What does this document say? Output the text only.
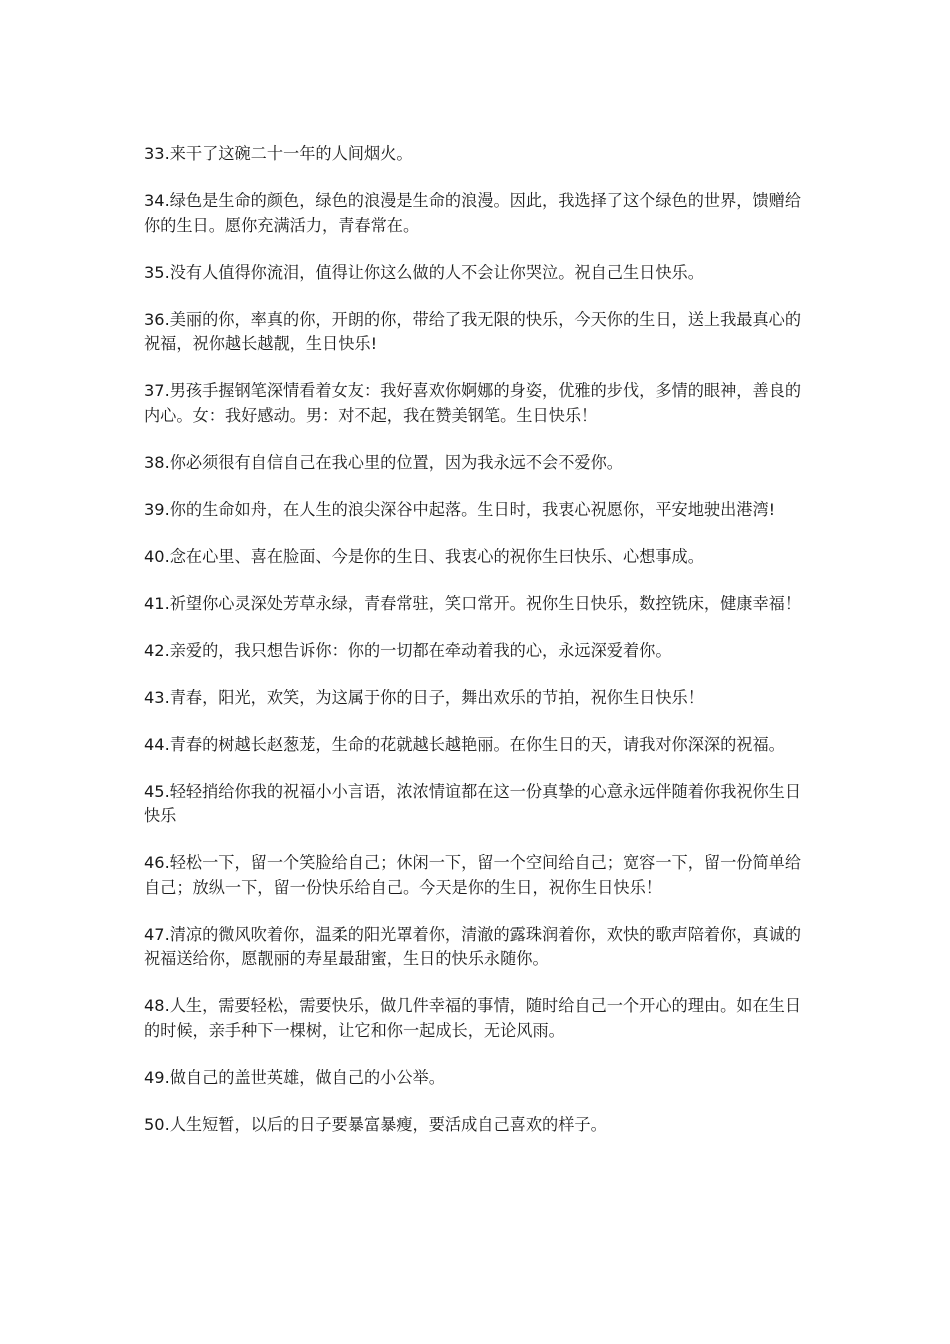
33.来干了这碗二十一年的人间烟火。

34.绿色是生命的颜色，绿色的浪漫是生命的浪漫。因此，我选择了这个绿色的世界，馈赠给你的生日。愿你充满活力，青春常在。

35.没有人值得你流泪，值得让你这么做的人不会让你哭泣。祝自己生日快乐。

36.美丽的你，率真的你，开朗的你，带给了我无限的快乐，今天你的生日，送上我最真心的祝福，祝你越长越靓，生日快乐!

37.男孩手握钢笔深情看着女友：我好喜欢你婀娜的身姿，优雅的步伐，多情的眼神，善良的内心。女：我好感动。男：对不起，我在赞美钢笔。生日快乐！

38.你必须很有自信自己在我心里的位置，因为我永远不会不爱你。

39.你的生命如舟，在人生的浪尖深谷中起落。生日时，我衷心祝愿你，平安地驶出港湾!

40.念在心里、喜在脸面、今是你的生日、我衷心的祝你生曰快乐、心想事成。

41.祈望你心灵深处芳草永绿，青春常驻，笑口常开。祝你生日快乐，数控铣床，健康幸福！

42.亲爱的，我只想告诉你：你的一切都在牵动着我的心，永远深爱着你。

43.青春，阳光，欢笑，为这属于你的日子，舞出欢乐的节拍，祝你生日快乐！

44.青春的树越长赵葱茏，生命的花就越长越艳丽。在你生日的天，请我对你深深的祝福。

45.轻轻捎给你我的祝福小小言语，浓浓情谊都在这一份真挚的心意永远伴随着你我祝你生日快乐

46.轻松一下，留一个笑脸给自己；休闲一下，留一个空间给自己；宽容一下，留一份简单给自己；放纵一下，留一份快乐给自己。今天是你的生日，祝你生日快乐！

47.清凉的微风吹着你，温柔的阳光罩着你，清澈的露珠润着你，欢快的歌声陪着你，真诚的祝福送给你，愿靓丽的寿星最甜蜜，生日的快乐永随你。

48.人生，需要轻松，需要快乐，做几件幸福的事情，随时给自己一个开心的理由。如在生日的时候，亲手种下一棵树，让它和你一起成长，无论风雨。

49.做自己的盖世英雄，做自己的小公举。

50.人生短暂，以后的日子要暴富暴瘦，要活成自己喜欢的样子。
